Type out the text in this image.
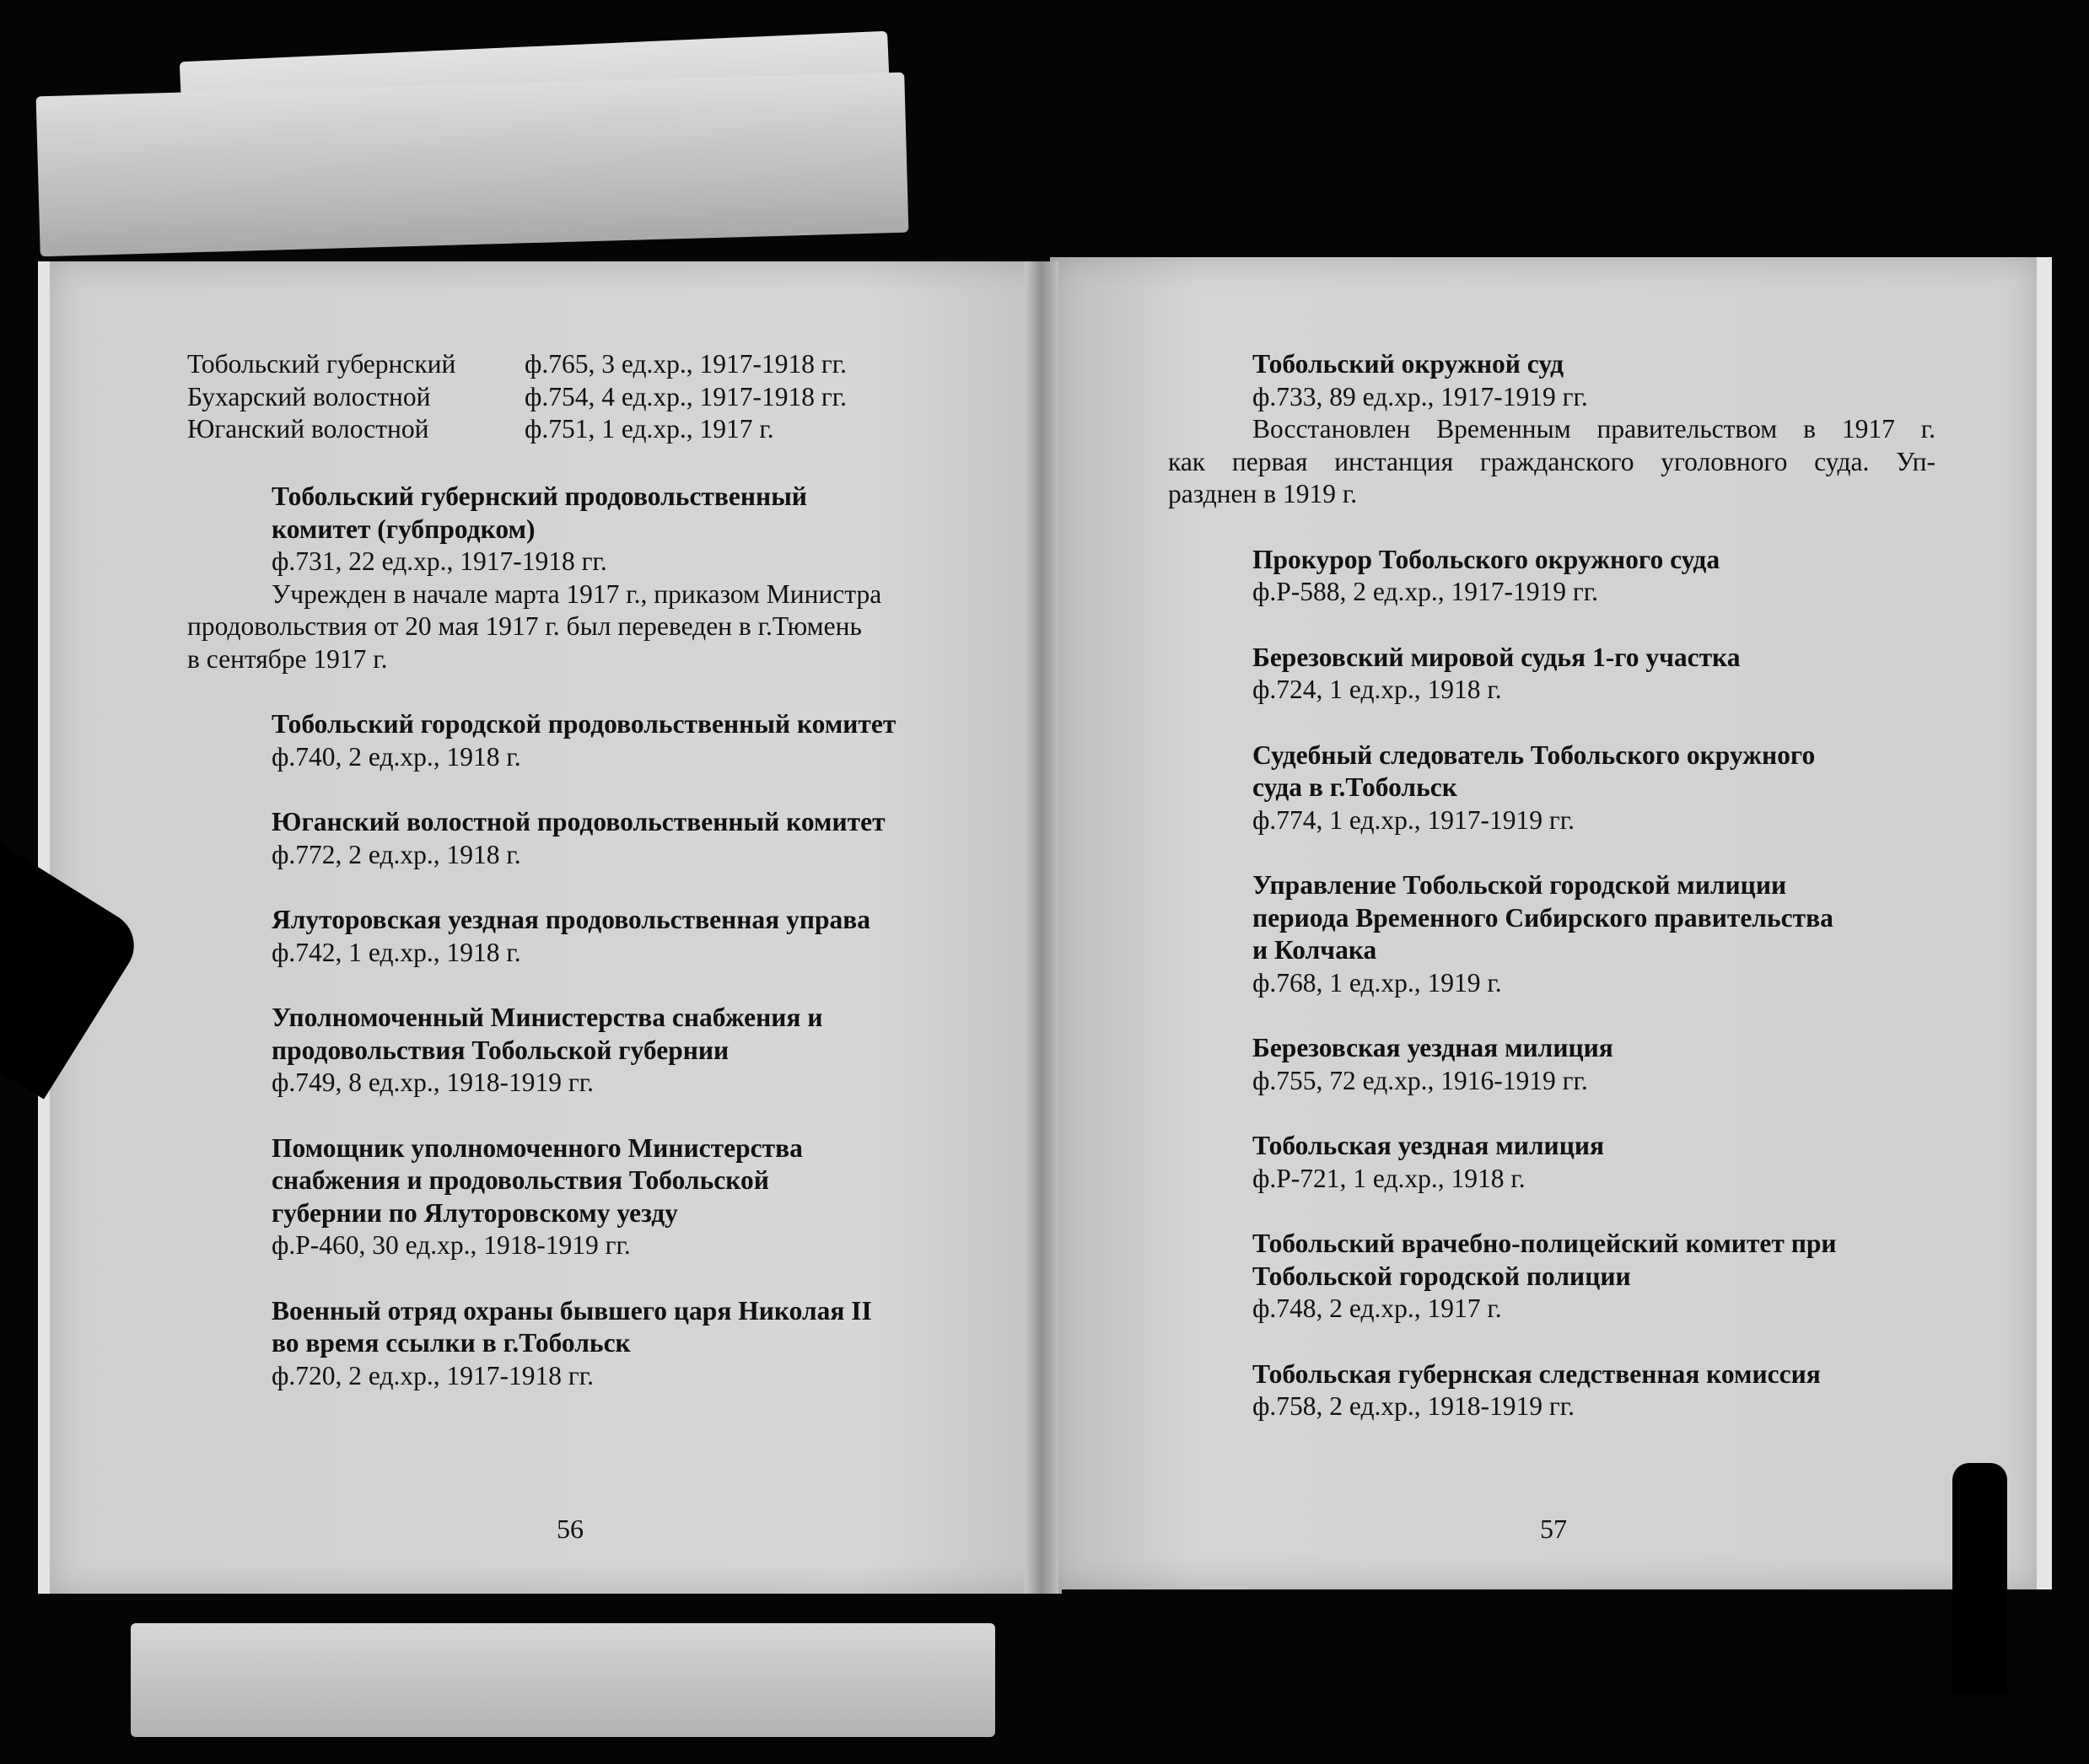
Тобольский губернский	ф.765, 3 ед.хр., 1917-1918 гг.
Бухарский волостной	ф.754, 4 ед.хр., 1917-1918 гг.
Юганский волостной	ф.751, 1 ед.хр., 1917 г.
Тобольский губернский продовольственный
комитет (губпродком)
ф.731, 22 ед.хр., 1917-1918 гг.
Учрежден в начале марта 1917 г., приказом Министра
продовольствия от 20 мая 1917 г. был переведен в г.Тюмень
в сентябре 1917 г.
Тобольский городской продовольственный комитет
ф.740, 2 ед.хр., 1918 г.
Юганский волостной продовольственный комитет
ф.772, 2 ед.хр., 1918 г.
Ялуторовская уездная продовольственная управа
ф.742, 1 ед.хр., 1918 г.
Уполномоченный Министерства снабжения и
продовольствия Тобольской губернии
ф.749, 8 ед.хр., 1918-1919 гг.
Помощник уполномоченного Министерства
снабжения и продовольствия Тобольской
губернии по Ялуторовскому уезду
ф.Р-460, 30 ед.хр., 1918-1919 гг.
Военный отряд охраны бывшего царя Николая II
во время ссылки в г.Тобольск
ф.720, 2 ед.хр., 1917-1918 гг.
56
Тобольский окружной суд
ф.733, 89 ед.хр., 1917-1919 гг.
Восстановлен Временным правительством в 1917 г.
как первая инстанция гражданского уголовного суда. Уп-
разднен в 1919 г.
Прокурор Тобольского окружного суда
ф.Р-588, 2 ед.хр., 1917-1919 гг.
Березовский мировой судья 1-го участка
ф.724, 1 ед.хр., 1918 г.
Судебный следователь Тобольского окружного
суда в г.Тобольск
ф.774, 1 ед.хр., 1917-1919 гг.
Управление Тобольской городской милиции
периода Временного Сибирского правительства
и Колчака
ф.768, 1 ед.хр., 1919 г.
Березовская уездная милиция
ф.755, 72 ед.хр., 1916-1919 гг.
Тобольская уездная милиция
ф.Р-721, 1 ед.хр., 1918 г.
Тобольский врачебно-полицейский комитет при
Тобольской городской полиции
ф.748, 2 ед.хр., 1917 г.
Тобольская губернская следственная комиссия
ф.758, 2 ед.хр., 1918-1919 гг.
57
